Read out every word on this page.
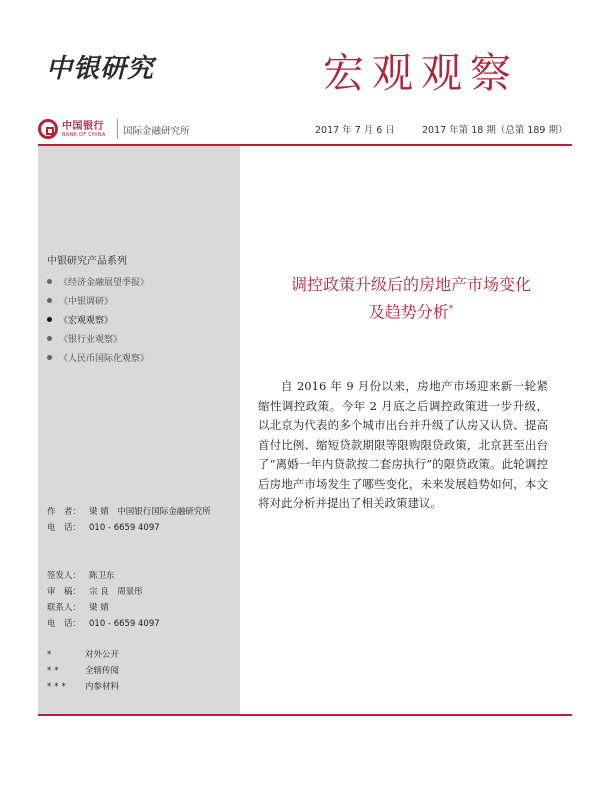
中银研究	宏观观察
中国银行
BANK OF CHINA 国际金融研究所	2017 年 7 月 6 日	2017 年第 18 期（总第 189 期）
中银研究产品系列
《经济金融展望季报》
《中银调研》
《宏观观察》
《银行业观察》
《人民币国际化观察》
作　者： 梁 婧　中国银行国际金融研究所
电　话： 010 - 6659 4097
签发人： 陈卫东
审　稿： 宗 良　周景彤
联系人： 梁 婧
电　话： 010 - 6659 4097
*	对外公开
**	全辖传阅
*** 内参材料
调控政策升级后的房地产市场变化
及趋势分析*

自 2016 年 9 月份以来，房地产市场迎来新一轮紧缩性调控政策。今年 2 月底之后调控政策进一步升级，以北京为代表的多个城市出台并升级了认房又认贷、提高首付比例、缩短贷款期限等限购限贷政策，北京甚至出台了“离婚一年内贷款按二套房执行”的限贷政策。此轮调控后房地产市场发生了哪些变化，未来发展趋势如何，本文将对此分析并提出了相关政策建议。
